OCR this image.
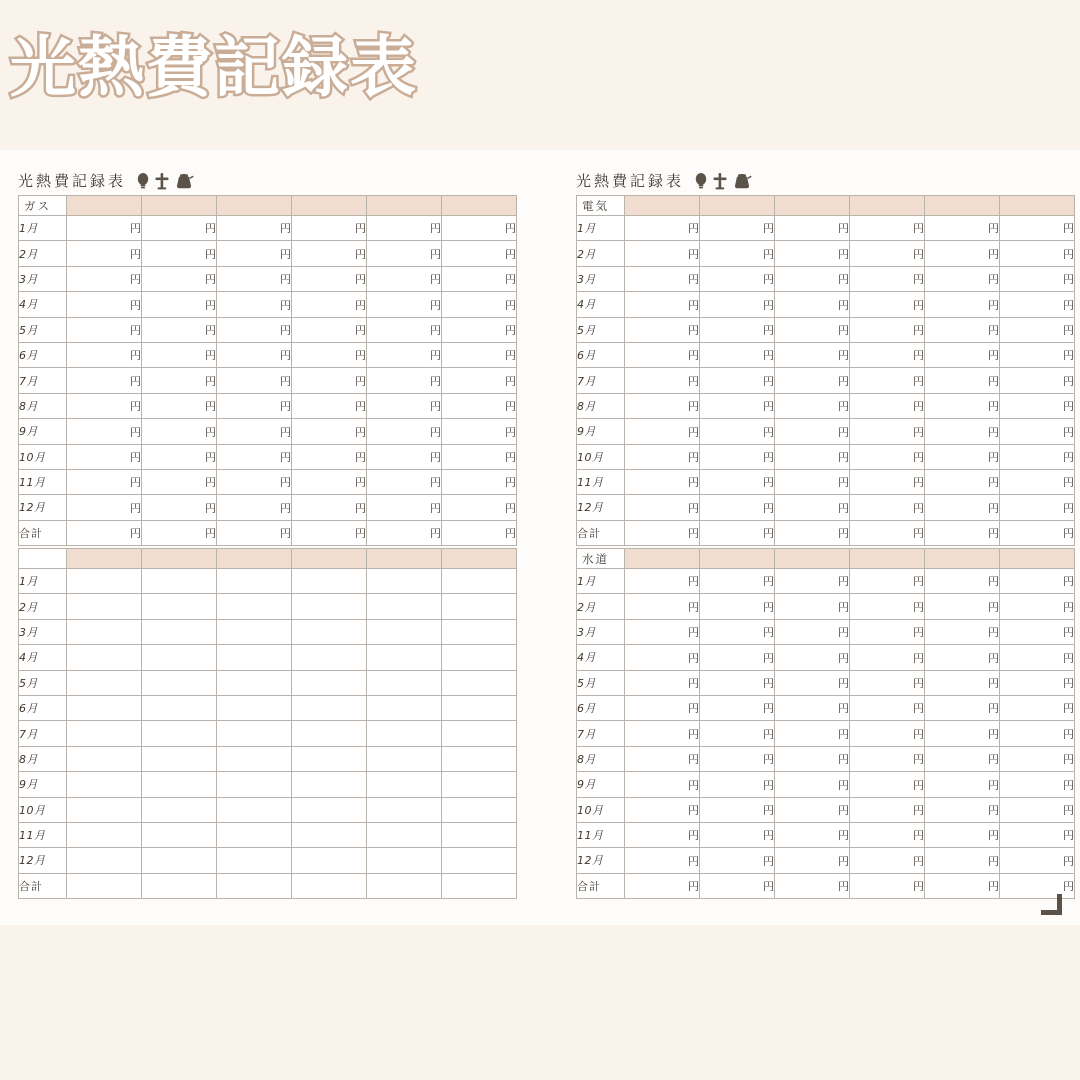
光熱費記録表
光熱費記録表
ガス						
1月	円	円	円	円	円	円
2月	円	円	円	円	円	円
3月	円	円	円	円	円	円
4月	円	円	円	円	円	円
5月	円	円	円	円	円	円
6月	円	円	円	円	円	円
7月	円	円	円	円	円	円
8月	円	円	円	円	円	円
9月	円	円	円	円	円	円
10月	円	円	円	円	円	円
11月	円	円	円	円	円	円
12月	円	円	円	円	円	円
合計	円	円	円	円	円	円
光熱費記録表
電気						
1月	円	円	円	円	円	円
2月	円	円	円	円	円	円
3月	円	円	円	円	円	円
4月	円	円	円	円	円	円
5月	円	円	円	円	円	円
6月	円	円	円	円	円	円
7月	円	円	円	円	円	円
8月	円	円	円	円	円	円
9月	円	円	円	円	円	円
10月	円	円	円	円	円	円
11月	円	円	円	円	円	円
12月	円	円	円	円	円	円
合計	円	円	円	円	円	円

1月						
2月						
3月						
4月						
5月						
6月						
7月						
8月						
9月						
10月						
11月						
12月						
合計						
水道						
1月	円	円	円	円	円	円
2月	円	円	円	円	円	円
3月	円	円	円	円	円	円
4月	円	円	円	円	円	円
5月	円	円	円	円	円	円
6月	円	円	円	円	円	円
7月	円	円	円	円	円	円
8月	円	円	円	円	円	円
9月	円	円	円	円	円	円
10月	円	円	円	円	円	円
11月	円	円	円	円	円	円
12月	円	円	円	円	円	円
合計	円	円	円	円	円	円
